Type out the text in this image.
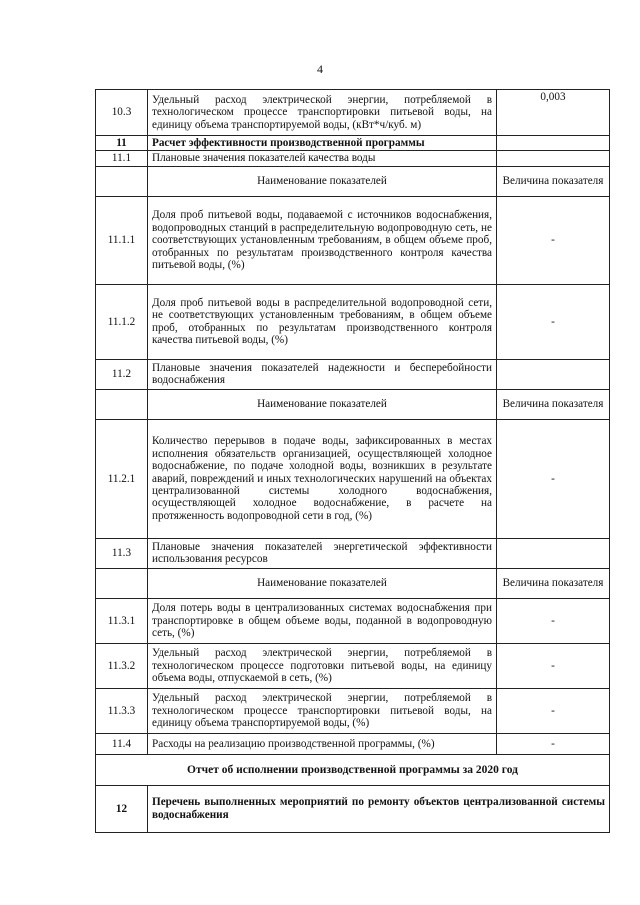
4
10.3	Удельный расход электрической энергии, потребляемой в технологическом процессе транспортировки питьевой воды, на единицу объема транспортируемой воды, (кВт*ч/куб. м)	0,003
11	Расчет эффективности производственной программы	
11.1	Плановые значения показателей качества воды	
	Наименование показателей	Величина показателя
11.1.1	Доля проб питьевой воды, подаваемой с источников водоснабжения, водопроводных станций в распределительную водопроводную сеть, не соответствующих установленным требованиям, в общем объеме проб, отобранных по результатам производственного контроля качества питьевой воды, (%)	-
11.1.2	Доля проб питьевой воды в распределительной водопроводной сети, не соответствующих установленным требованиям, в общем объеме проб, отобранных по результатам производственного контроля качества питьевой воды, (%)	-
11.2	Плановые значения показателей надежности и бесперебойности водоснабжения	
	Наименование показателей	Величина показателя
11.2.1	Количество перерывов в подаче воды, зафиксированных в местах исполнения обязательств организацией, осуществляющей холодное водоснабжение, по подаче холодной воды, возникших в результате аварий, повреждений и иных технологических нарушений на объектах централизованной системы холодного водоснабжения, осуществляющей холодное водоснабжение, в расчете на протяженность водопроводной сети в год, (%)	-
11.3	Плановые значения показателей энергетической эффективности использования ресурсов	
	Наименование показателей	Величина показателя
11.3.1	Доля потерь воды в централизованных системах водоснабжения при транспортировке в общем объеме воды, поданной в водопроводную сеть, (%)	-
11.3.2	Удельный расход электрической энергии, потребляемой в технологическом процессе подготовки питьевой воды, на единицу объема воды, отпускаемой в сеть, (%)	-
11.3.3	Удельный расход электрической энергии, потребляемой в технологическом процессе транспортировки питьевой воды, на единицу объема транспортируемой воды, (%)	-
11.4	Расходы на реализацию производственной программы, (%)	-
Отчет об исполнении производственной программы за 2020 год		
12	Перечень выполненных мероприятий по ремонту объектов централизованной системы водоснабжения	
